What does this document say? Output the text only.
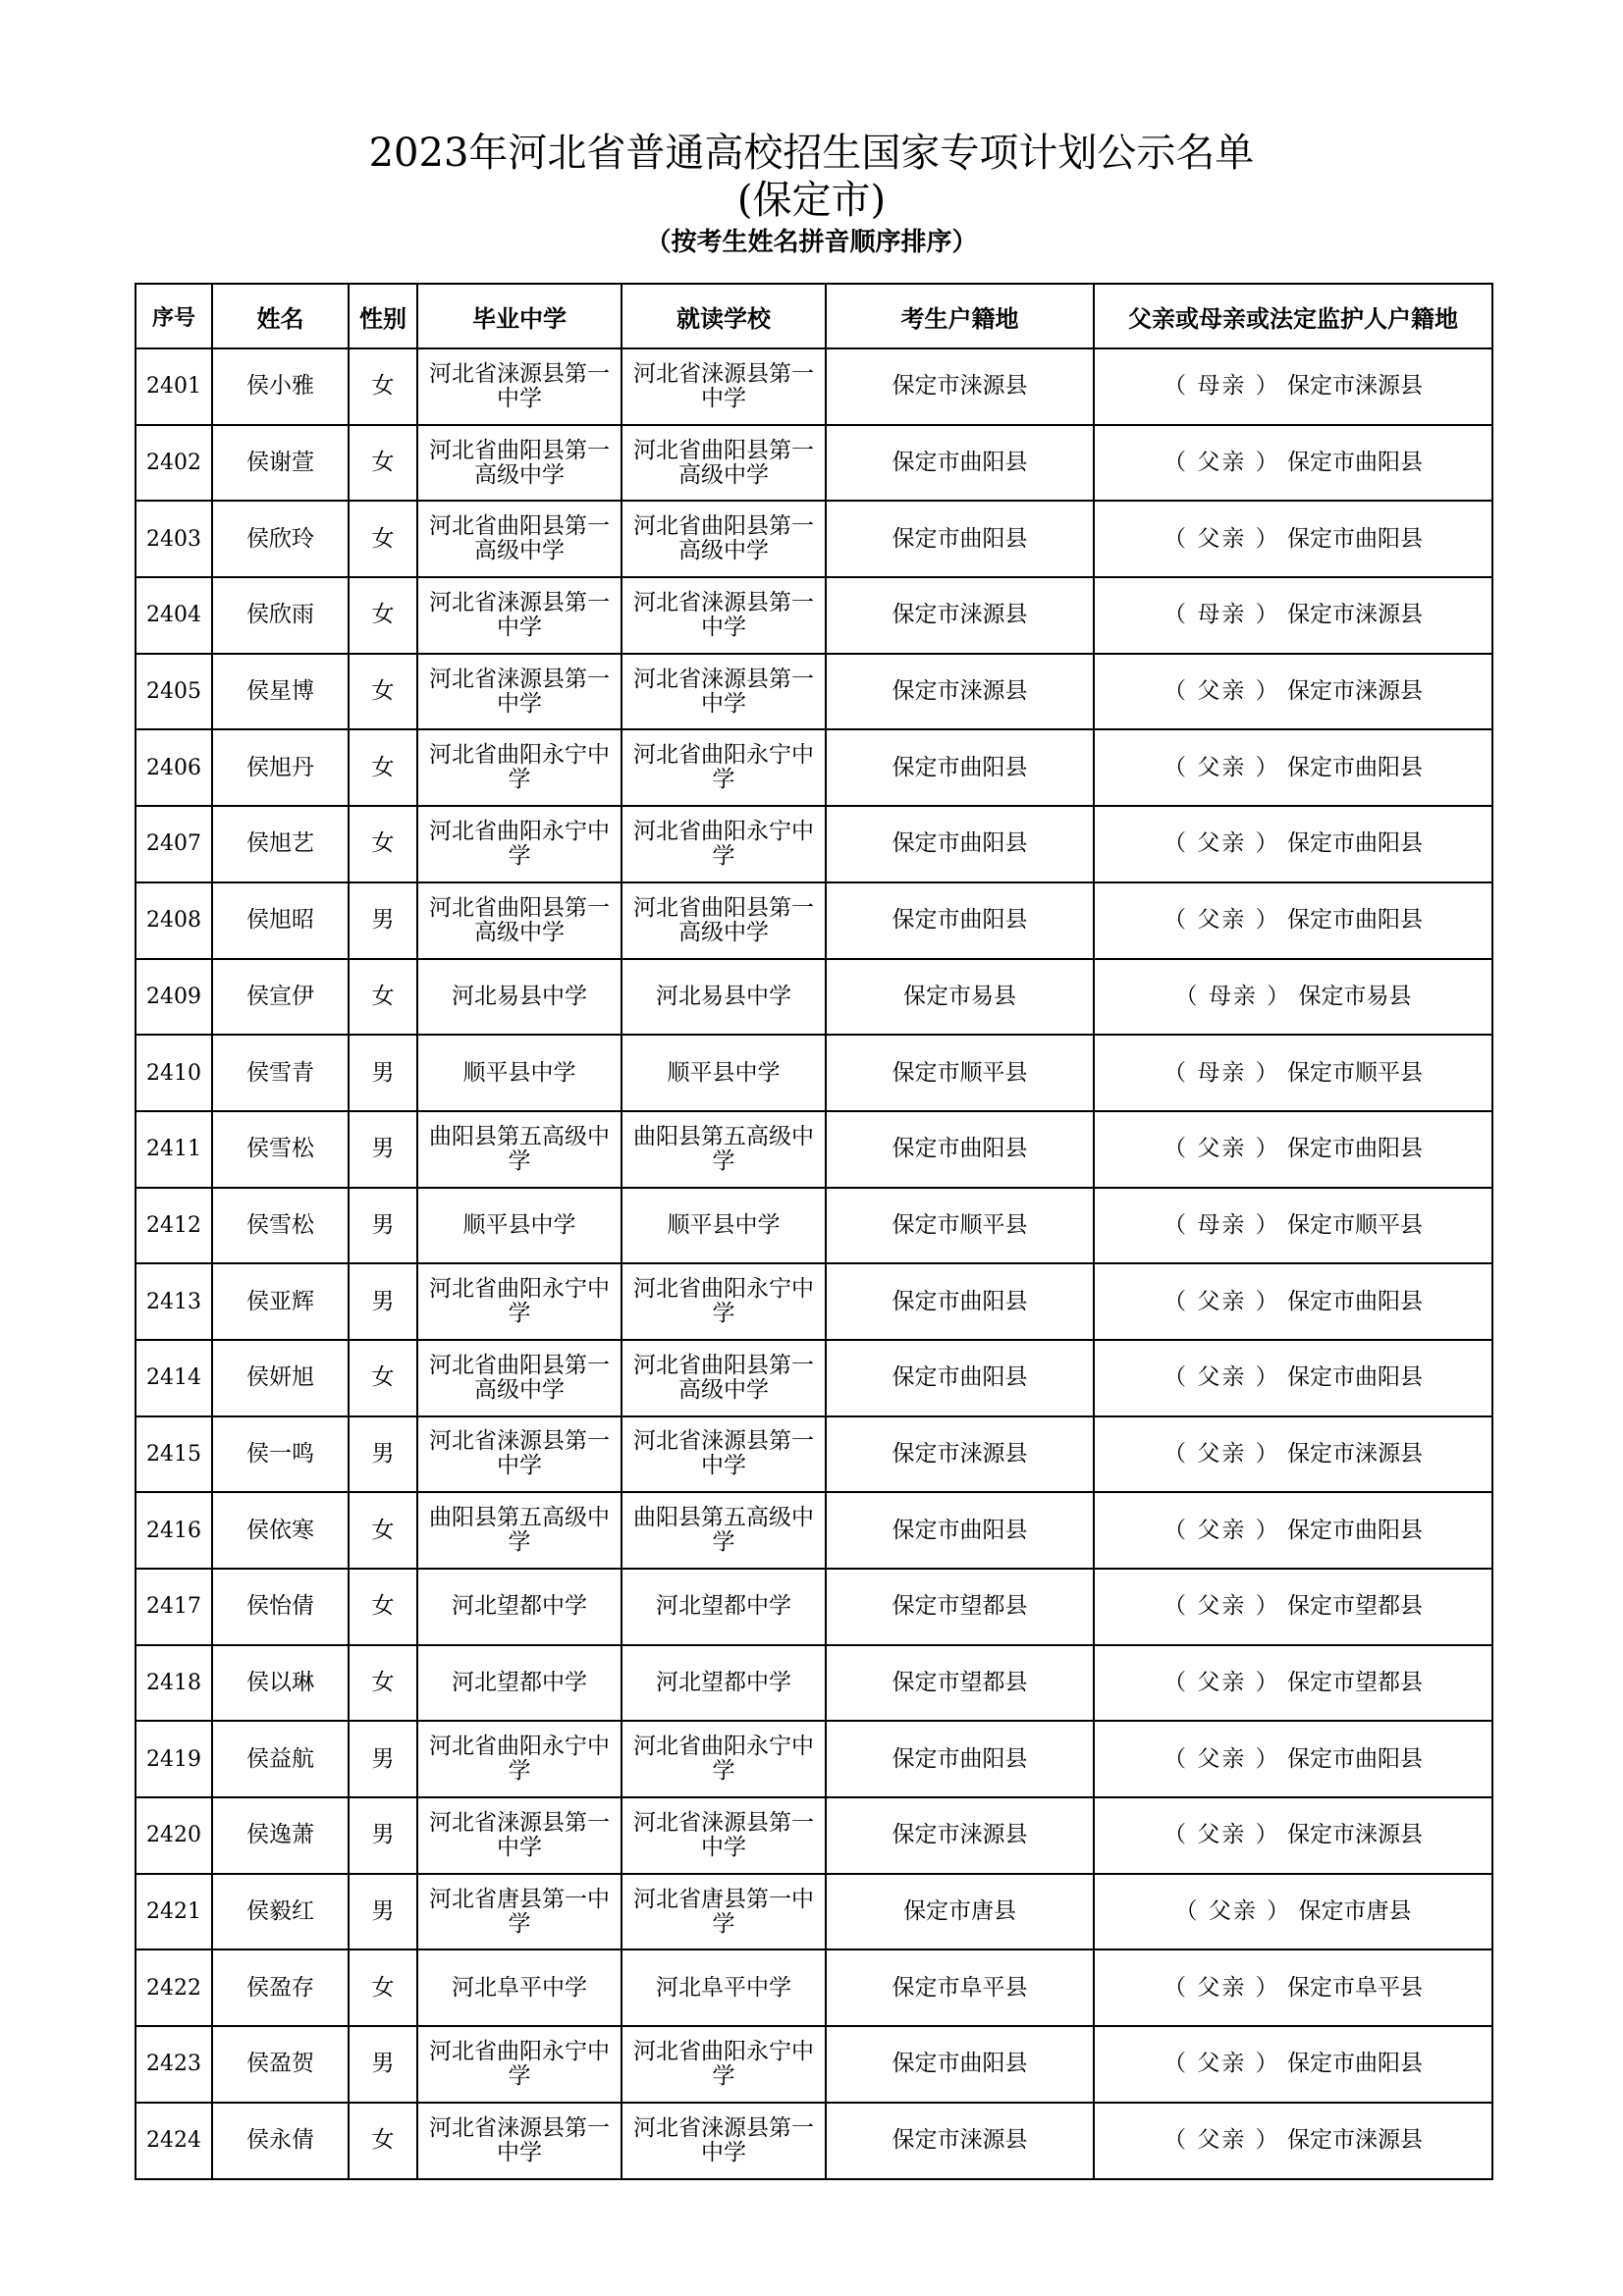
2023年河北省普通高校招生国家专项计划公示名单
(保定市)
（按考生姓名拼音顺序排序）
序号	姓名	性别	毕业中学	就读学校	考生户籍地	父亲或母亲或法定监护人户籍地
2401	侯小雅	女	河北省涞源县第一中学	河北省涞源县第一中学	保定市涞源县	（ 母亲 ） 保定市涞源县
2402	侯谢萱	女	河北省曲阳县第一高级中学	河北省曲阳县第一高级中学	保定市曲阳县	（ 父亲 ） 保定市曲阳县
2403	侯欣玲	女	河北省曲阳县第一高级中学	河北省曲阳县第一高级中学	保定市曲阳县	（ 父亲 ） 保定市曲阳县
2404	侯欣雨	女	河北省涞源县第一中学	河北省涞源县第一中学	保定市涞源县	（ 母亲 ） 保定市涞源县
2405	侯星博	女	河北省涞源县第一中学	河北省涞源县第一中学	保定市涞源县	（ 父亲 ） 保定市涞源县
2406	侯旭丹	女	河北省曲阳永宁中学	河北省曲阳永宁中学	保定市曲阳县	（ 父亲 ） 保定市曲阳县
2407	侯旭艺	女	河北省曲阳永宁中学	河北省曲阳永宁中学	保定市曲阳县	（ 父亲 ） 保定市曲阳县
2408	侯旭昭	男	河北省曲阳县第一高级中学	河北省曲阳县第一高级中学	保定市曲阳县	（ 父亲 ） 保定市曲阳县
2409	侯宣伊	女	河北易县中学	河北易县中学	保定市易县	（ 母亲 ） 保定市易县
2410	侯雪青	男	顺平县中学	顺平县中学	保定市顺平县	（ 母亲 ） 保定市顺平县
2411	侯雪松	男	曲阳县第五高级中学	曲阳县第五高级中学	保定市曲阳县	（ 父亲 ） 保定市曲阳县
2412	侯雪松	男	顺平县中学	顺平县中学	保定市顺平县	（ 母亲 ） 保定市顺平县
2413	侯亚辉	男	河北省曲阳永宁中学	河北省曲阳永宁中学	保定市曲阳县	（ 父亲 ） 保定市曲阳县
2414	侯妍旭	女	河北省曲阳县第一高级中学	河北省曲阳县第一高级中学	保定市曲阳县	（ 父亲 ） 保定市曲阳县
2415	侯一鸣	男	河北省涞源县第一中学	河北省涞源县第一中学	保定市涞源县	（ 父亲 ） 保定市涞源县
2416	侯依寒	女	曲阳县第五高级中学	曲阳县第五高级中学	保定市曲阳县	（ 父亲 ） 保定市曲阳县
2417	侯怡倩	女	河北望都中学	河北望都中学	保定市望都县	（ 父亲 ） 保定市望都县
2418	侯以琳	女	河北望都中学	河北望都中学	保定市望都县	（ 父亲 ） 保定市望都县
2419	侯益航	男	河北省曲阳永宁中学	河北省曲阳永宁中学	保定市曲阳县	（ 父亲 ） 保定市曲阳县
2420	侯逸萧	男	河北省涞源县第一中学	河北省涞源县第一中学	保定市涞源县	（ 父亲 ） 保定市涞源县
2421	侯毅红	男	河北省唐县第一中学	河北省唐县第一中学	保定市唐县	（ 父亲 ） 保定市唐县
2422	侯盈存	女	河北阜平中学	河北阜平中学	保定市阜平县	（ 父亲 ） 保定市阜平县
2423	侯盈贺	男	河北省曲阳永宁中学	河北省曲阳永宁中学	保定市曲阳县	（ 父亲 ） 保定市曲阳县
2424	侯永倩	女	河北省涞源县第一中学	河北省涞源县第一中学	保定市涞源县	（ 父亲 ） 保定市涞源县
